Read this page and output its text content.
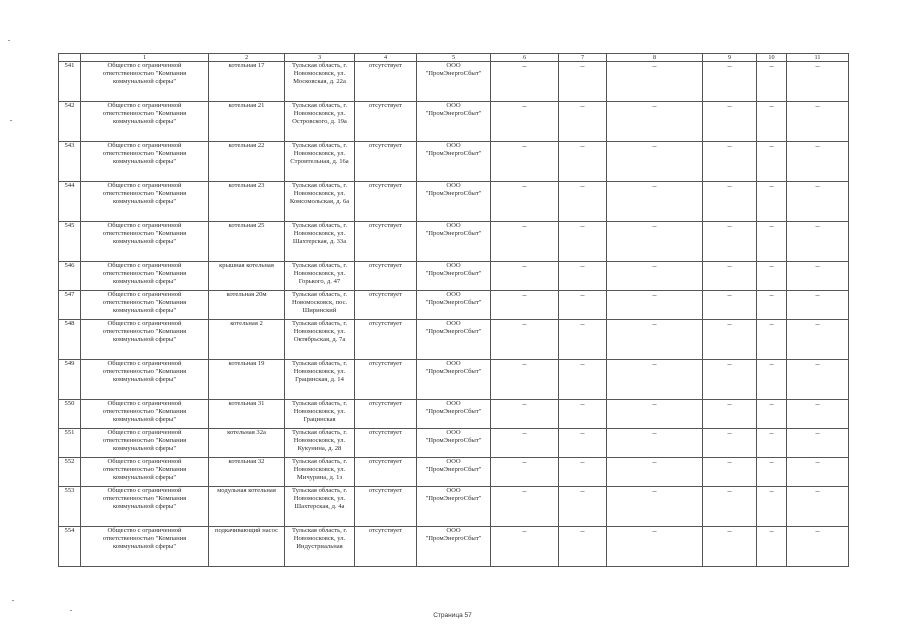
	1	2	3	4	5	6	7	8	9	10	11
541	Общество с ограниченной ответственностью "Компания коммунальной сферы"	котельная 17	Тульская область, г. Новомосковск, ул. Московская, д. 22а	отсутствует	ООО "ПромЭнергоСбыт"	–	–	–	–	–	–
542	Общество с ограниченной ответственностью "Компания коммунальной сферы"	котельная 21	Тульская область, г. Новомосковск, ул. Островского, д. 19а	отсутствует	ООО "ПромЭнергоСбыт"	–	–	–	–	–	–
543	Общество с ограниченной ответственностью "Компания коммунальной сферы"	котельная 22	Тульская область, г. Новомосковск, ул. Строительная, д. 16а	отсутствует	ООО "ПромЭнергоСбыт"	–	–	–	–	–	–
544	Общество с ограниченной ответственностью "Компания коммунальной сферы"	котельная 23	Тульская область, г. Новомосковск, ул. Комсомольская, д. 6а	отсутствует	ООО "ПромЭнергоСбыт"	–	–	–	–	–	–
545	Общество с ограниченной ответственностью "Компания коммунальной сферы"	котельная 25	Тульская область, г. Новомосковск, ул. Шахтерская, д. 33а	отсутствует	ООО "ПромЭнергоСбыт"	–	–	–	–	–	–
546	Общество с ограниченной ответственностью "Компания коммунальной сферы"	крышная котельная	Тульская область, г. Новомосковск, ул. Горького, д. 47	отсутствует	ООО "ПромЭнергоСбыт"	–	–	–	–	–	–
547	Общество с ограниченной ответственностью "Компания коммунальной сферы"	котельная 20м	Тульская область, г. Новомосковск, пос. Ширинский	отсутствует	ООО "ПромЭнергоСбыт"	–	–	–	–	–	–
548	Общество с ограниченной ответственностью "Компания коммунальной сферы"	котельная 2	Тульская область, г. Новомосковск, ул. Октябрьская, д. 7а	отсутствует	ООО "ПромЭнергоСбыт"	–	–	–	–	–	–
549	Общество с ограниченной ответственностью "Компания коммунальной сферы"	котельная 19	Тульская область, г. Новомосковск, ул. Грацинская, д. 14	отсутствует	ООО "ПромЭнергоСбыт"	–	–	–	–	–	–
550	Общество с ограниченной ответственностью "Компания коммунальной сферы"	котельная 31	Тульская область, г. Новомосковск, ул. Грацинская	отсутствует	ООО "ПромЭнергоСбыт"	–	–	–	–	–	–
551	Общество с ограниченной ответственностью "Компания коммунальной сферы"	котельная 32а	Тульская область, г. Новомосковск, ул. Кукунина, д. 28	отсутствует	ООО "ПромЭнергоСбыт"	–	–	–	–	–	–
552	Общество с ограниченной ответственностью "Компания коммунальной сферы"	котельная 32	Тульская область, г. Новомосковск, ул. Мичурина, д. 1з	отсутствует	ООО "ПромЭнергоСбыт"	–	–	–	–	–	–
553	Общество с ограниченной ответственностью "Компания коммунальной сферы"	модульная котельная	Тульская область, г. Новомосковск, ул. Шахтерская, д. 4а	отсутствует	ООО "ПромЭнергоСбыт"	–	–	–	–	–	–
554	Общество с ограниченной ответственностью "Компания коммунальной сферы"	подкачивающий насос	Тульская область, г. Новомосковск, ул. Индустриальная	отсутствует	ООО "ПромЭнергоСбыт"	–	–	–	–	–	–
Страница 57
